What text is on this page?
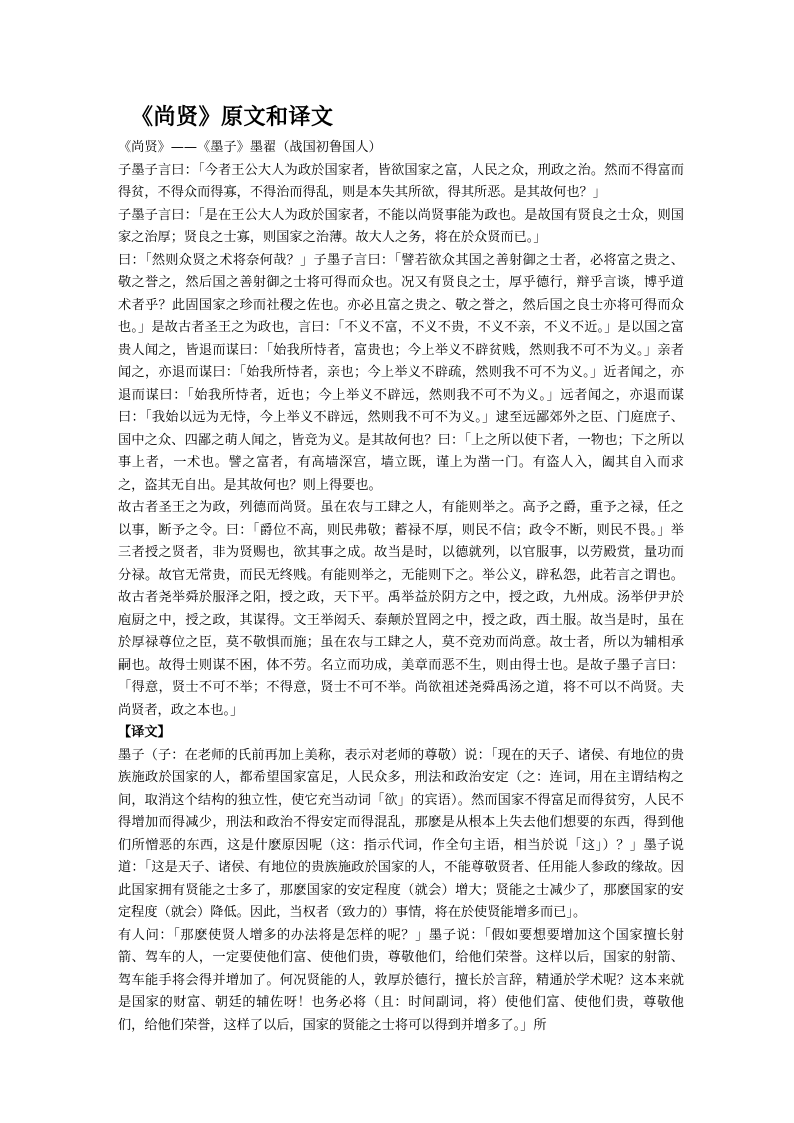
《尚贤》原文和译文

《尚贤》——《墨子》墨翟（战国初鲁国人）

子墨子言曰：「今者王公大人为政於国家者，皆欲国家之富，人民之众，刑政之治。然而不得富而得贫，不得众而得寡，不得治而得乱，则是本失其所欲，得其所恶。是其故何也？」

子墨子言曰：「是在王公大人为政於国家者，不能以尚贤事能为政也。是故国有贤良之士众，则国家之治厚；贤良之士寡，则国家之治薄。故大人之务，将在於众贤而已。」

曰：「然则众贤之术将奈何哉？」子墨子言曰：「譬若欲众其国之善射御之士者，必将富之贵之、敬之誉之，然后国之善射御之士将可得而众也。况又有贤良之士，厚乎德行，辩乎言谈，博乎道术者乎？此固国家之珍而社稷之佐也。亦必且富之贵之、敬之誉之，然后国之良士亦将可得而众也。」是故古者圣王之为政也，言曰：「不义不富，不义不贵，不义不亲，不义不近。」是以国之富贵人闻之，皆退而谋曰：「始我所恃者，富贵也；今上举义不辟贫贱，然则我不可不为义。」亲者闻之，亦退而谋曰：「始我所恃者，亲也；今上举义不辟疏，然则我不可不为义。」近者闻之，亦退而谋曰：「始我所恃者，近也；今上举义不辟远，然则我不可不为义。」远者闻之，亦退而谋曰：「我始以远为无恃，今上举义不辟远，然则我不可不为义。」逮至远鄙郊外之臣、门庭庶子、国中之众、四鄙之萌人闻之，皆竞为义。是其故何也？曰：「上之所以使下者，一物也；下之所以事上者，一术也。譬之富者，有高墙深宫，墙立既，谨上为凿一门。有盗人入，阖其自入而求之，盗其无自出。是其故何也？则上得要也。

故古者圣王之为政，列德而尚贤。虽在农与工肆之人，有能则举之。高予之爵，重予之禄，任之以事，断予之令。曰：「爵位不高，则民弗敬；蓄禄不厚，则民不信；政令不断，则民不畏。」举三者授之贤者，非为贤赐也，欲其事之成。故当是时，以德就列，以官服事，以劳殿赏，量功而分禄。故官无常贵，而民无终贱。有能则举之，无能则下之。举公义，辟私怨，此若言之谓也。 故古者尧举舜於服泽之阳，授之政，天下平。禹举益於阴方之中，授之政，九州成。汤举伊尹於庖厨之中，授之政，其谋得。文王举闳夭、泰颠於罝罔之中，授之政，西土服。故当是时，虽在於厚禄尊位之臣，莫不敬惧而施；虽在农与工肆之人，莫不竞劝而尚意。故士者，所以为辅相承嗣也。故得士则谋不困，体不劳。名立而功成，美章而恶不生，则由得士也。是故子墨子言曰：「得意，贤士不可不举；不得意，贤士不可不举。尚欲祖述尧舜禹汤之道，将不可以不尚贤。夫尚贤者，政之本也。」

【译文】

墨子（子：在老师的氏前再加上美称，表示对老师的尊敬）说：「现在的天子、诸侯、有地位的贵族施政於国家的人，都希望国家富足，人民众多，刑法和政治安定（之：连词，用在主谓结构之间，取消这个结构的独立性，使它充当动词「欲」的宾语）。然而国家不得富足而得贫穷，人民不得增加而得减少，刑法和政治不得安定而得混乱，那麽是从根本上失去他们想要的东西，得到他们所憎恶的东西，这是什麽原因呢（这：指示代词，作全句主语，相当於说「这」）？」墨子说道：「这是天子、诸侯、有地位的贵族施政於国家的人，不能尊敬贤者、任用能人参政的缘故。因此国家拥有贤能之士多了，那麽国家的安定程度（就会）增大；贤能之士减少了，那麽国家的安定程度（就会）降低。因此，当权者（致力的）事情，将在於使贤能增多而已」。

有人问：「那麽使贤人增多的办法将是怎样的呢？」墨子说：「假如要想要增加这个国家擅长射箭、驾车的人，一定要使他们富、使他们贵，尊敬他们，给他们荣誉。这样以后，国家的射箭、驾车能手将会得并增加了。何况贤能的人，敦厚於德行，擅长於言辞，精通於学术呢？这本来就是国家的财富、朝廷的辅佐呀！也务必将（且：时间副词，将）使他们富、使他们贵，尊敬他们，给他们荣誉，这样了以后，国家的贤能之士将可以得到并增多了。」所
